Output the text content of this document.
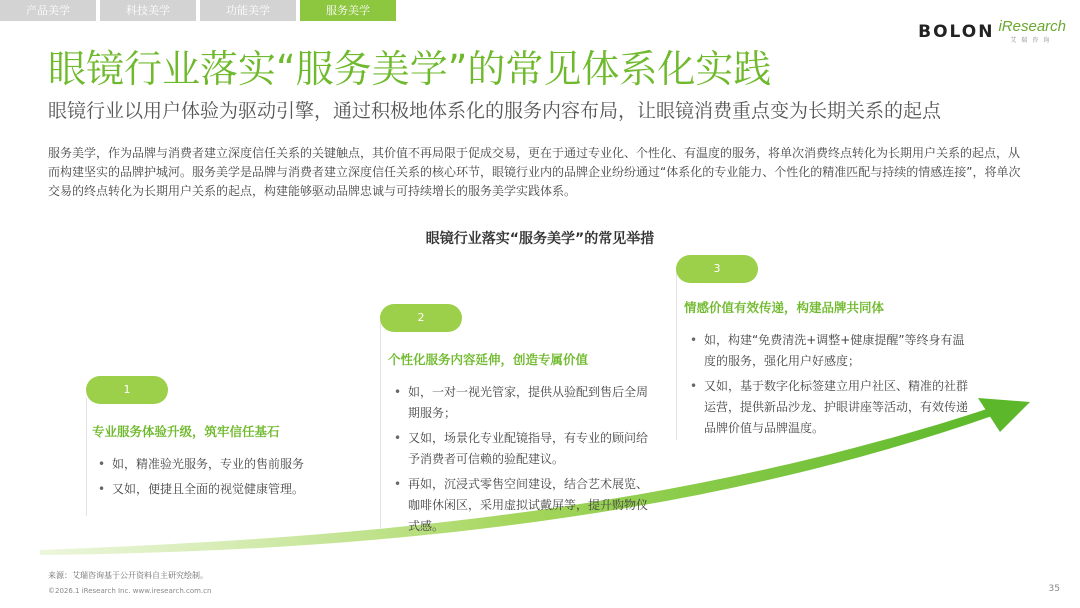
产品美学	科技美学	功能美学	服务美学
BOLON iResearch
艾瑞咨询
眼镜行业落实“服务美学”的常见体系化实践

眼镜行业以用户体验为驱动引擎，通过积极地体系化的服务内容布局，让眼镜消费重点变为长期关系的起点

服务美学，作为品牌与消费者建立深度信任关系的关键触点，其价值不再局限于促成交易，更在于通过专业化、个性化、有温度的服务，将单次消费终点转化为长期用户关系的起点，从而构建坚实的品牌护城河。服务美学是品牌与消费者建立深度信任关系的核心环节，眼镜行业内的品牌企业纷纷通过“体系化的专业能力、个性化的精准匹配与持续的情感连接”，将单次交易的终点转化为长期用户关系的起点，构建能够驱动品牌忠诚与可持续增长的服务美学实践体系。

眼镜行业落实“服务美学”的常见举措
1
2
3
专业服务体验升级，筑牢信任基石
• 如，精准验光服务，专业的售前服务
• 又如，便捷且全面的视觉健康管理。
个性化服务内容延伸，创造专属价值
• 如，一对一视光管家，提供从验配到售后全周期服务；
• 又如，场景化专业配镜指导，有专业的顾问给予消费者可信赖的验配建议。
• 再如，沉浸式零售空间建设，结合艺术展览、咖啡休闲区，采用虚拟试戴屏等，提升购物仪式感。
情感价值有效传递，构建品牌共同体
• 如，构建“免费清洗+调整+健康提醒”等终身有温度的服务，强化用户好感度；
• 又如，基于数字化标签建立用户社区、精准的社群运营，提供新品沙龙、护眼讲座等活动，有效传递品牌价值与品牌温度。
来源：艾瑞咨询基于公开资料自主研究绘制。
©2026.1 iResearch Inc. www.iresearch.com.cn	35
